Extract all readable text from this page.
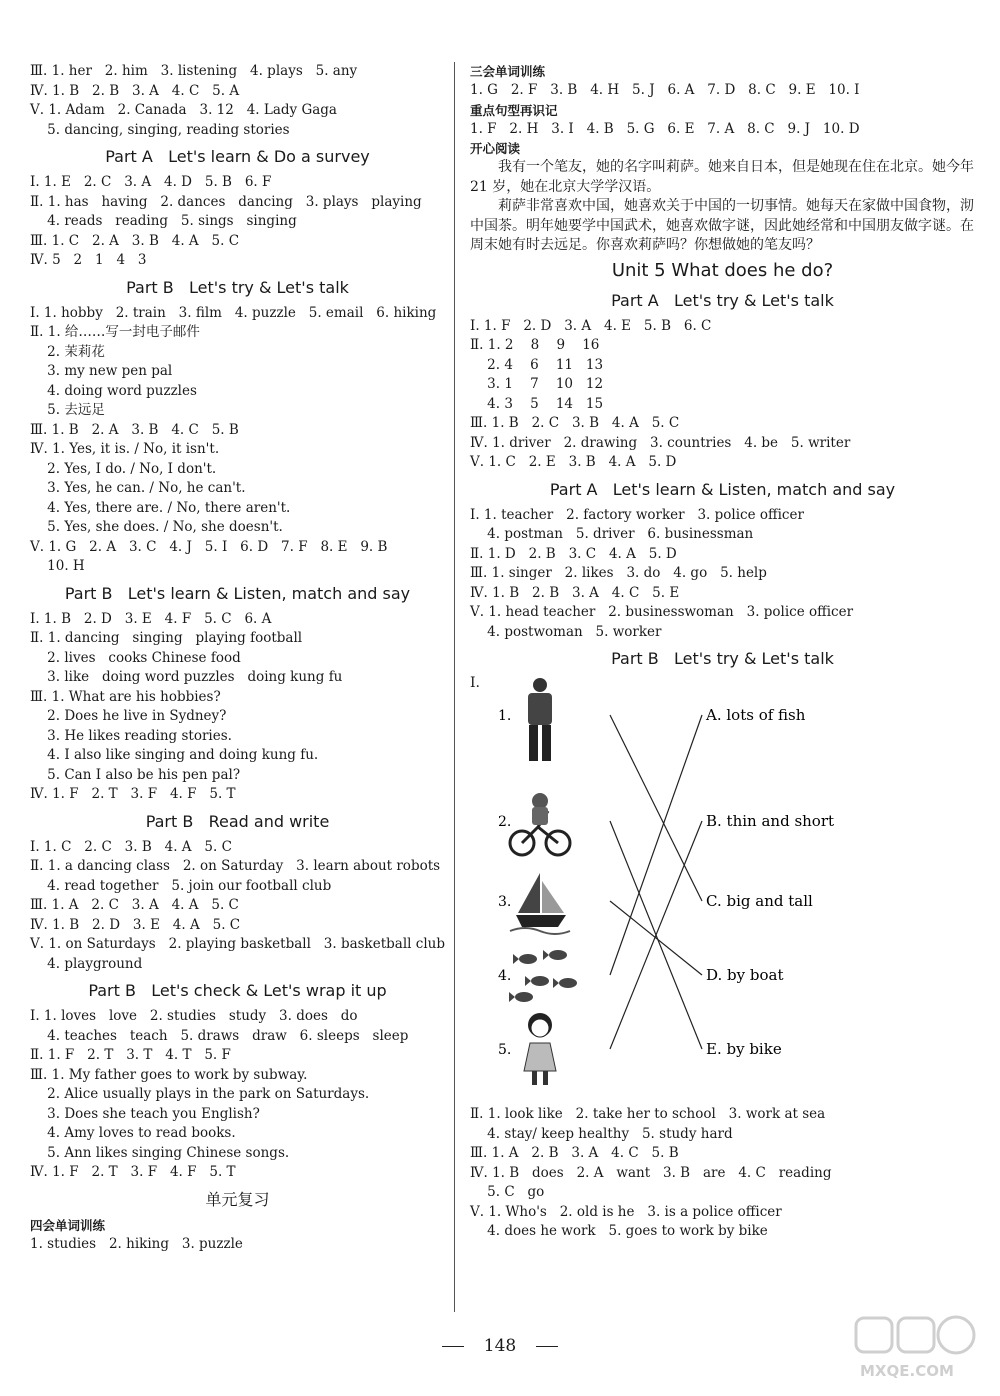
Ⅲ. 1. her   2. him   3. listening   4. plays   5. any
Ⅳ. 1. B   2. B   3. A   4. C   5. A
Ⅴ. 1. Adam   2. Canada   3. 12   4. Lady Gaga
5. dancing, singing, reading stories
Part A   Let's learn & Do a survey
Ⅰ. 1. E   2. C   3. A   4. D   5. B   6. F
Ⅱ. 1. has   having   2. dances   dancing   3. plays   playing
4. reads   reading   5. sings   singing
Ⅲ. 1. C   2. A   3. B   4. A   5. C
Ⅳ. 5   2   1   4   3
Part B   Let's try & Let's talk
Ⅰ. 1. hobby   2. train   3. film   4. puzzle   5. email   6. hiking
Ⅱ. 1. 给……写一封电子邮件
2. 茉莉花
3. my new pen pal
4. doing word puzzles
5. 去远足
Ⅲ. 1. B   2. A   3. B   4. C   5. B
Ⅳ. 1. Yes, it is. / No, it isn't.
2. Yes, I do. / No, I don't.
3. Yes, he can. / No, he can't.
4. Yes, there are. / No, there aren't.
5. Yes, she does. / No, she doesn't.
Ⅴ. 1. G   2. A   3. C   4. J   5. I   6. D   7. F   8. E   9. B
10. H
Part B   Let's learn & Listen, match and say
Ⅰ. 1. B   2. D   3. E   4. F   5. C   6. A
Ⅱ. 1. dancing   singing   playing football
2. lives   cooks Chinese food
3. like   doing word puzzles   doing kung fu
Ⅲ. 1. What are his hobbies?
2. Does he live in Sydney?
3. He likes reading stories.
4. I also like singing and doing kung fu.
5. Can I also be his pen pal?
Ⅳ. 1. F   2. T   3. F   4. F   5. T
Part B   Read and write
Ⅰ. 1. C   2. C   3. B   4. A   5. C
Ⅱ. 1. a dancing class   2. on Saturday   3. learn about robots
4. read together   5. join our football club
Ⅲ. 1. A   2. C   3. A   4. A   5. C
Ⅳ. 1. B   2. D   3. E   4. A   5. C
Ⅴ. 1. on Saturdays   2. playing basketball   3. basketball club
4. playground
Part B   Let's check & Let's wrap it up
Ⅰ. 1. loves   love   2. studies   study   3. does   do
4. teaches   teach   5. draws   draw   6. sleeps   sleep
Ⅱ. 1. F   2. T   3. T   4. T   5. F
Ⅲ. 1. My father goes to work by subway.
2. Alice usually plays in the park on Saturdays.
3. Does she teach you English?
4. Amy loves to read books.
5. Ann likes singing Chinese songs.
Ⅳ. 1. F   2. T   3. F   4. F   5. T
单元复习
四会单词训练
1. studies   2. hiking   3. puzzle
三会单词训练
1. G   2. F   3. B   4. H   5. J   6. A   7. D   8. C   9. E   10. I
重点句型再识记
1. F   2. H   3. I   4. B   5. G   6. E   7. A   8. C   9. J   10. D
开心阅读
我有一个笔友，她的名字叫莉萨。她来自日本，但是她现在住在北京。她今年 21 岁，她在北京大学学汉语。
莉萨非常喜欢中国，她喜欢关于中国的一切事情。她每天在家做中国食物，沏中国茶。明年她要学中国武术，她喜欢做字谜，因此她经常和中国朋友做字谜。在周末她有时去远足。你喜欢莉萨吗？你想做她的笔友吗？
Unit 5 What does he do?
Part A   Let's try & Let's talk
Ⅰ. 1. F   2. D   3. A   4. E   5. B   6. C
Ⅱ. 1. 2    8    9    16
2. 4    6    11   13
3. 1    7    10   12
4. 3    5    14   15
Ⅲ. 1. B   2. C   3. B   4. A   5. C
Ⅳ. 1. driver   2. drawing   3. countries   4. be   5. writer
Ⅴ. 1. C   2. E   3. B   4. A   5. D
Part A   Let's learn & Listen, match and say
Ⅰ. 1. teacher   2. factory worker   3. police officer
4. postman   5. driver   6. businessman
Ⅱ. 1. D   2. B   3. C   4. A   5. D
Ⅲ. 1. singer   2. likes   3. do   4. go   5. help
Ⅳ. 1. B   2. B   3. A   4. C   5. E
Ⅴ. 1. head teacher   2. businesswoman   3. police officer
4. postwoman   5. worker
Part B   Let's try & Let's talk
Ⅰ.
1.
2.
3.
4.
5.
A. lots of fish
B. thin and short
C. big and tall
D. by boat
E. by bike
Ⅱ. 1. look like   2. take her to school   3. work at sea
4. stay/ keep healthy   5. study hard
Ⅲ. 1. A   2. B   3. A   4. C   5. B
Ⅳ. 1. B   does   2. A   want   3. B   are   4. C   reading
5. C   go
Ⅴ. 1. Who's   2. old is he   3. is a police officer
4. does he work   5. goes to work by bike
148
MXQE.COM
